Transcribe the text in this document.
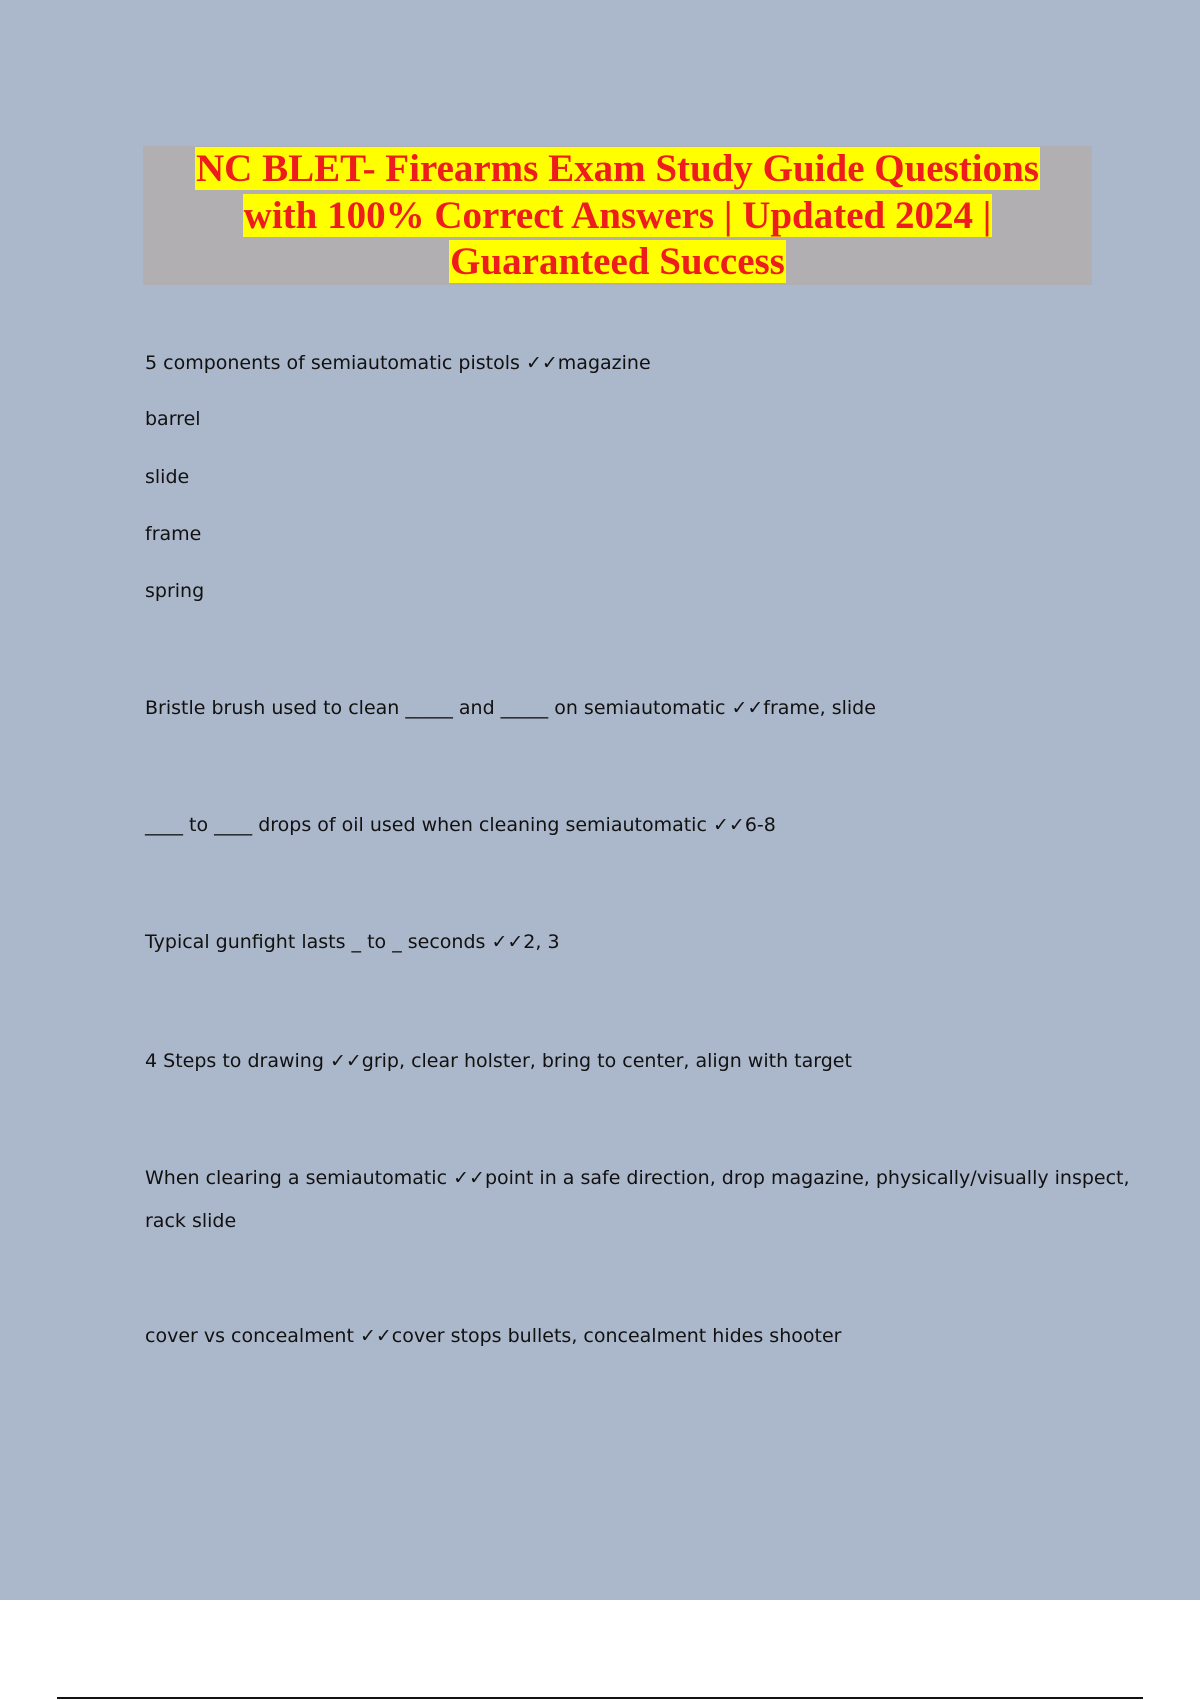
NC BLET- Firearms Exam Study Guide Questions
with 100% Correct Answers | Updated 2024 |
Guaranteed Success
5 components of semiautomatic pistols ✓✓magazine
barrel
slide
frame
spring
Bristle brush used to clean _____ and _____ on semiautomatic ✓✓frame, slide
____ to ____ drops of oil used when cleaning semiautomatic ✓✓6-8
Typical gunfight lasts _ to _ seconds ✓✓2, 3
4 Steps to drawing ✓✓grip, clear holster, bring to center, align with target
When clearing a semiautomatic ✓✓point in a safe direction, drop magazine, physically/visually inspect,
rack slide
cover vs concealment ✓✓cover stops bullets, concealment hides shooter
